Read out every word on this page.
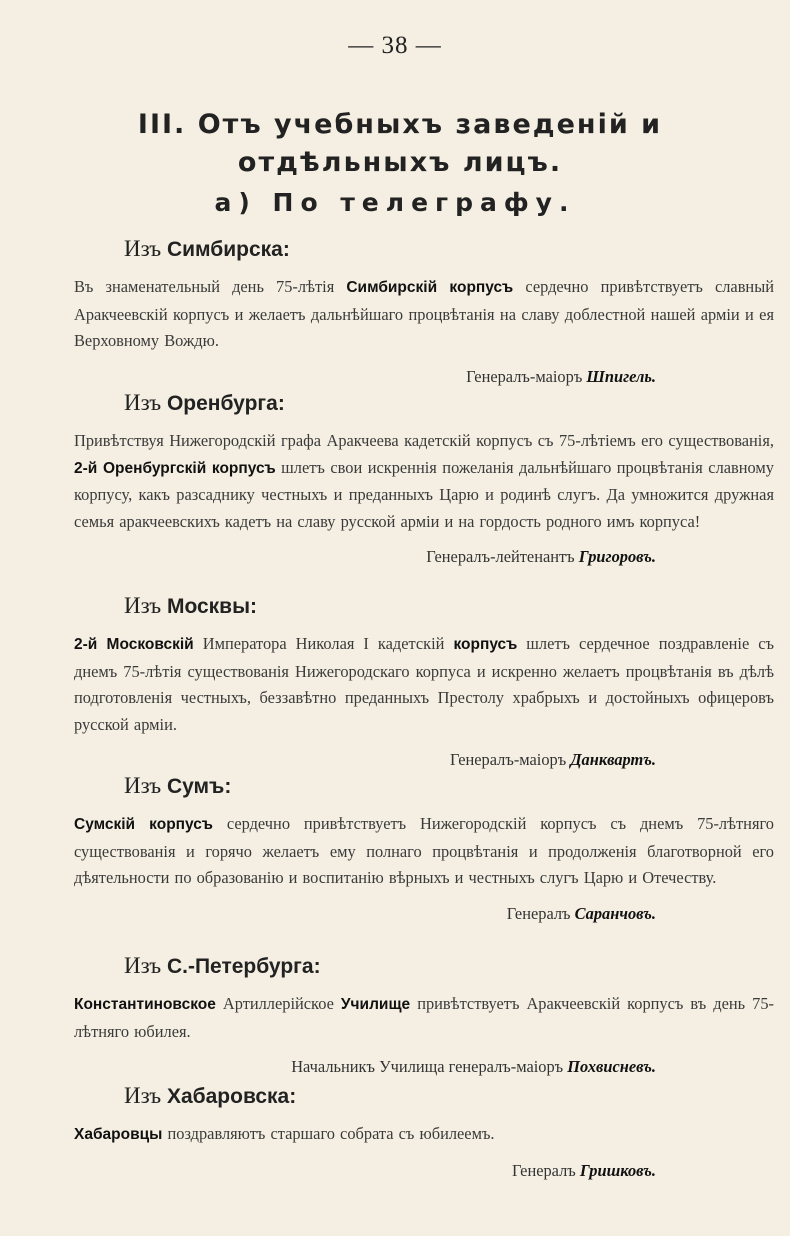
— 38 —
III. Отъ учебныхъ заведенiй и отдѣльныхъ лицъ.
а) По телеграфу.
Изъ Симбирска:
Въ знаменательный день 75-лѣтiя Симбирскiй корпусъ сердечно привѣтствуетъ славный Аракчеевскiй корпусъ и желаетъ дальнѣйшаго процвѣтанiя на славу доблестной нашей армiи и ея Верховному Вождю.
Генералъ-маiоръ Шпигель.
Изъ Оренбурга:
Привѣтствуя Нижегородскiй графа Аракчеева кадетскiй корпусъ съ 75-лѣтiемъ его существованiя, 2-й Оренбургскiй корпусъ шлетъ свои искреннiя пожеланiя дальнѣйшаго процвѣтанiя славному корпусу, какъ разсаднику честныхъ и преданныхъ Царю и родинѣ слугъ. Да умножится дружная семья аракчеевскихъ кадетъ на славу русской армiи и на гордость родного имъ корпуса!
Генералъ-лейтенантъ Григоровъ.
Изъ Москвы:
2-й Московскiй Императора Николая I кадетскiй корпусъ шлетъ сердечное поздравленiе съ днемъ 75-лѣтiя существованiя Нижегородскаго корпуса и искренно желаетъ процвѣтанiя въ дѣлѣ подготовленiя честныхъ, беззавѣтно преданныхъ Престолу храбрыхъ и достойныхъ офицеровъ русской армiи.
Генералъ-маiоръ Данквартъ.
Изъ Сумъ:
Сумскiй корпусъ сердечно привѣтствуетъ Нижегородскiй корпусъ съ днемъ 75-лѣтняго существованiя и горячо желаетъ ему полнаго процвѣтанiя и продолженiя благотворной его дѣятельности по образованiю и воспитанiю вѣрныхъ и честныхъ слугъ Царю и Отечеству.
Генералъ Саранчовъ.
Изъ С.-Петербурга:
Константиновское Артиллерiйское Училище привѣтствуетъ Аракчеевскiй корпусъ въ день 75-лѣтняго юбилея.
Начальникъ Училища генералъ-маiоръ Похвисневъ.
Изъ Хабаровска:
Хабаровцы поздравляютъ старшаго собрата съ юбилеемъ.
Генералъ Гришковъ.
